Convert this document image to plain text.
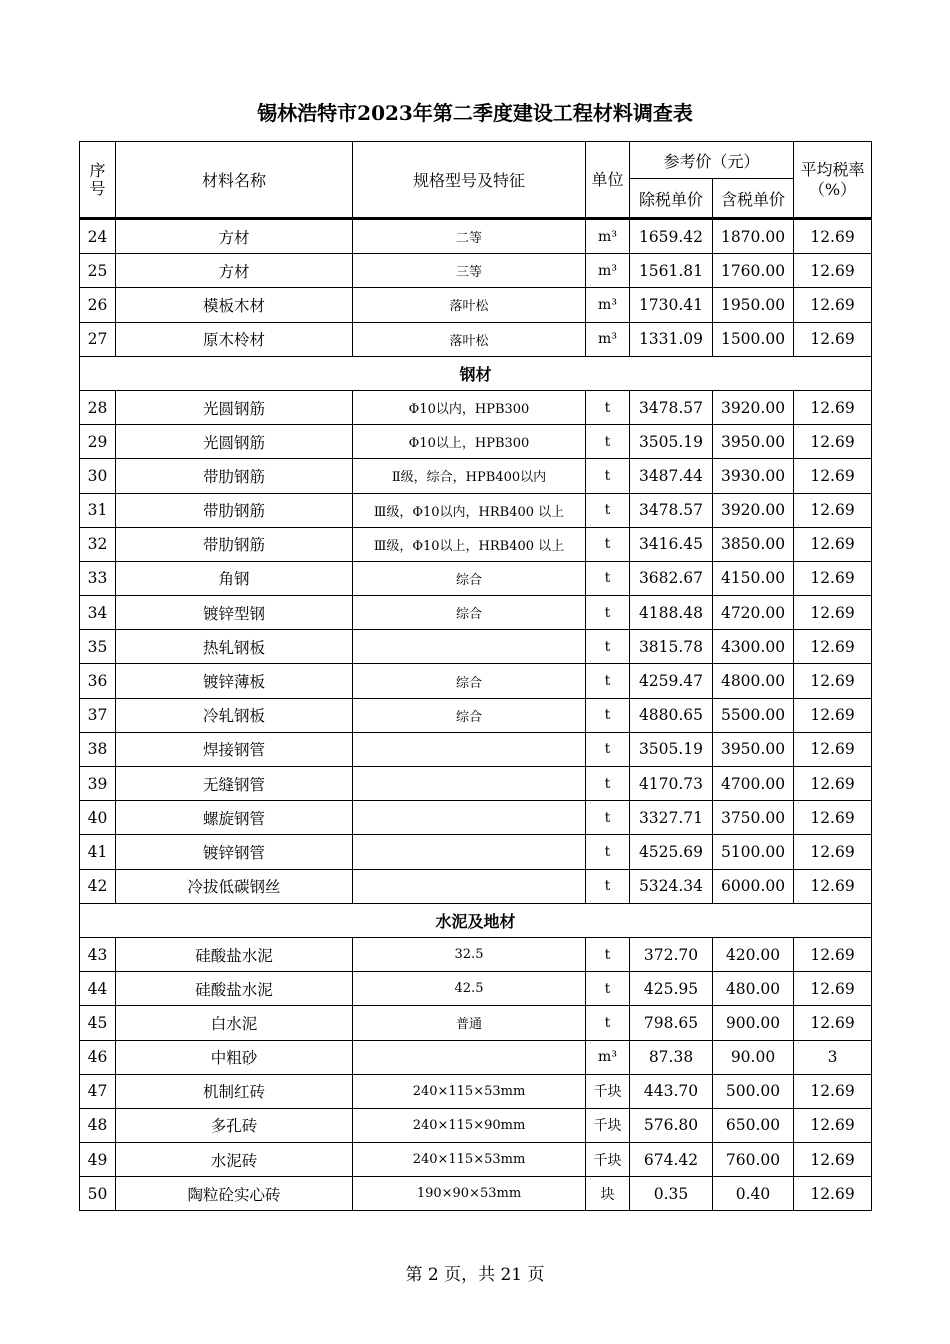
锡林浩特市2023年第二季度建设工程材料调查表
序号	材料名称	规格型号及特征	单位	参考价（元）		平均税率（%）
				除税单价	含税单价	
24	方材	二等	m³	1659.42	1870.00	12.69
25	方材	三等	m³	1561.81	1760.00	12.69
26	模板木材	落叶松	m³	1730.41	1950.00	12.69
27	原木柃材	落叶松	m³	1331.09	1500.00	12.69
钢材						
28	光圆钢筋	Φ10以内，HPB300	t	3478.57	3920.00	12.69
29	光圆钢筋	Φ10以上，HPB300	t	3505.19	3950.00	12.69
30	带肋钢筋	Ⅱ级，综合，HPB400以内	t	3487.44	3930.00	12.69
31	带肋钢筋	Ⅲ级，Φ10以内，HRB400 以上	t	3478.57	3920.00	12.69
32	带肋钢筋	Ⅲ级，Φ10以上，HRB400 以上	t	3416.45	3850.00	12.69
33	角钢	综合	t	3682.67	4150.00	12.69
34	镀锌型钢	综合	t	4188.48	4720.00	12.69
35	热轧钢板		t	3815.78	4300.00	12.69
36	镀锌薄板	综合	t	4259.47	4800.00	12.69
37	冷轧钢板	综合	t	4880.65	5500.00	12.69
38	焊接钢管		t	3505.19	3950.00	12.69
39	无缝钢管		t	4170.73	4700.00	12.69
40	螺旋钢管		t	3327.71	3750.00	12.69
41	镀锌钢管		t	4525.69	5100.00	12.69
42	冷拔低碳钢丝		t	5324.34	6000.00	12.69
水泥及地材						
43	硅酸盐水泥	32.5	t	372.70	420.00	12.69
44	硅酸盐水泥	42.5	t	425.95	480.00	12.69
45	白水泥	普通	t	798.65	900.00	12.69
46	中粗砂		m³	87.38	90.00	3
47	机制红砖	240×115×53mm	千块	443.70	500.00	12.69
48	多孔砖	240×115×90mm	千块	576.80	650.00	12.69
49	水泥砖	240×115×53mm	千块	674.42	760.00	12.69
50	陶粒砼实心砖	190×90×53mm	块	0.35	0.40	12.69
第 2 页，共 21 页
